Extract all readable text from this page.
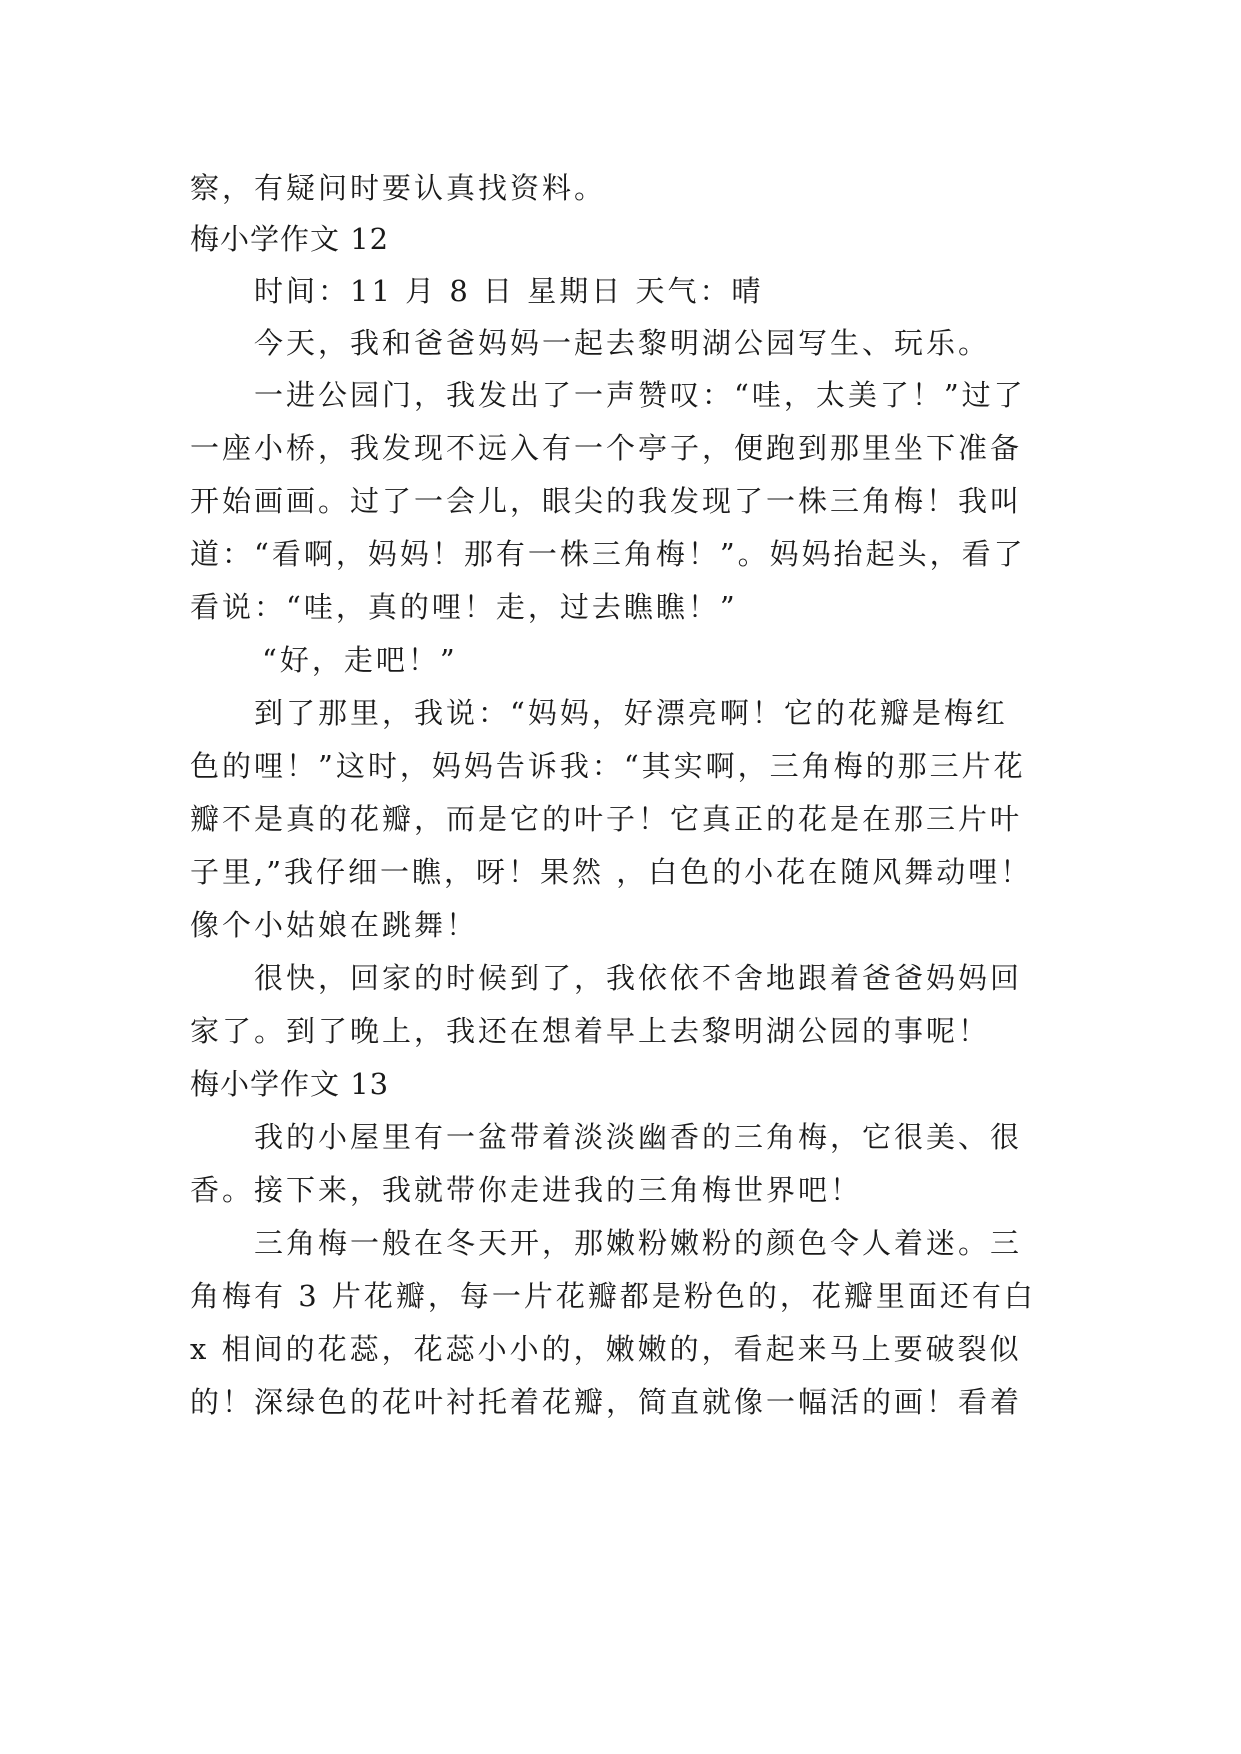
察，有疑问时要认真找资料。
梅小学作文 12
时间：11 月 8 日 星期日 天气：晴
今天，我和爸爸妈妈一起去黎明湖公园写生、玩乐。
一进公园门，我发出了一声赞叹：“哇，太美了！”过了
一座小桥，我发现不远入有一个亭子，便跑到那里坐下准备
开始画画。过了一会儿，眼尖的我发现了一株三角梅！我叫
道：“看啊，妈妈！那有一株三角梅！”。妈妈抬起头，看了
看说：“哇，真的哩！走，过去瞧瞧！”
“好，走吧！”
到了那里，我说：“妈妈，好漂亮啊！它的花瓣是梅红
色的哩！”这时，妈妈告诉我：“其实啊，三角梅的那三片花
瓣不是真的花瓣，而是它的叶子！它真正的花是在那三片叶
子里,”我仔细一瞧，呀！果然 ，白色的小花在随风舞动哩！
像个小姑娘在跳舞！
很快，回家的时候到了，我依依不舍地跟着爸爸妈妈回
家了。到了晚上，我还在想着早上去黎明湖公园的事呢！
梅小学作文 13
我的小屋里有一盆带着淡淡幽香的三角梅，它很美、很
香。接下来，我就带你走进我的三角梅世界吧！
三角梅一般在冬天开，那嫩粉嫩粉的颜色令人着迷。三
角梅有 3 片花瓣，每一片花瓣都是粉色的，花瓣里面还有白
x 相间的花蕊，花蕊小小的，嫩嫩的，看起来马上要破裂似
的！深绿色的花叶衬托着花瓣，简直就像一幅活的画！看着
